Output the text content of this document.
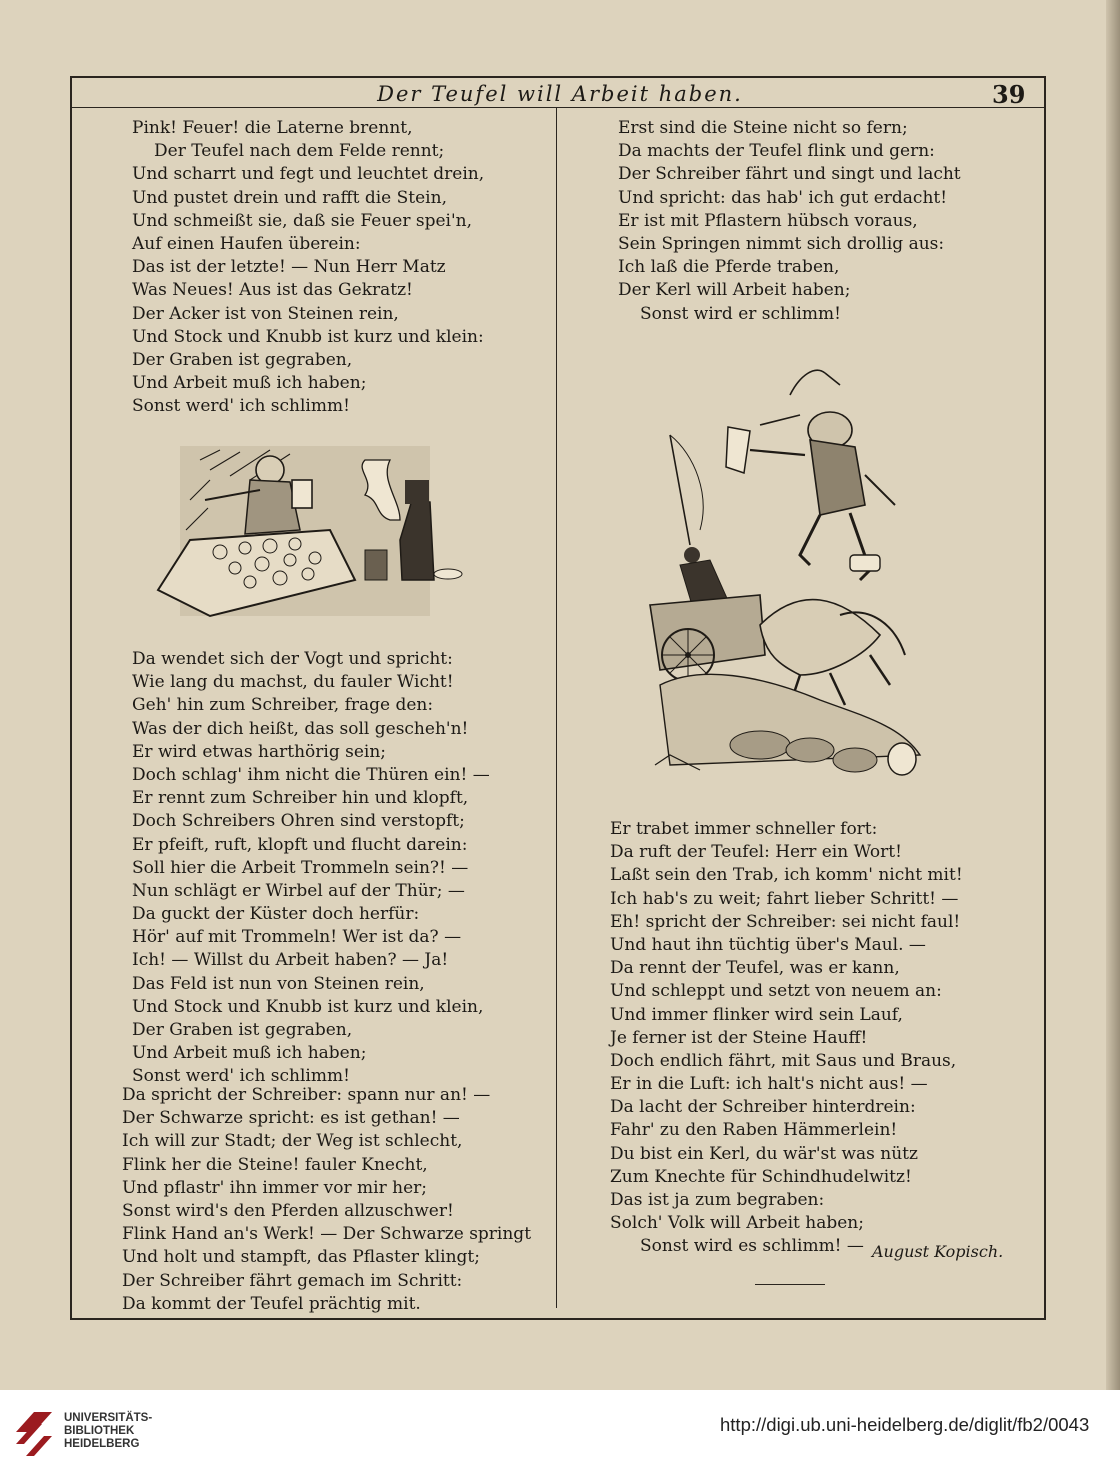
Der Teufel will Arbeit haben.	39
Pink! Feuer! die Laterne brennt,
Der Teufel nach dem Felde rennt;
Und scharrt und fegt und leuchtet drein,
Und pustet drein und rafft die Stein,
Und schmeißt sie, daß sie Feuer spei'n,
Auf einen Haufen überein:
Das ist der letzte! — Nun Herr Matz
Was Neues! Aus ist das Gekratz!
Der Acker ist von Steinen rein,
Und Stock und Knubb ist kurz und klein:
Der Graben ist gegraben,
Und Arbeit muß ich haben;
Sonst werd' ich schlimm!
Da wendet sich der Vogt und spricht:
Wie lang du machst, du fauler Wicht!
Geh' hin zum Schreiber, frage den:
Was der dich heißt, das soll gescheh'n!
Er wird etwas harthörig sein;
Doch schlag' ihm nicht die Thüren ein! —
Er rennt zum Schreiber hin und klopft,
Doch Schreibers Ohren sind verstopft;
Er pfeift, ruft, klopft und flucht darein:
Soll hier die Arbeit Trommeln sein?! —
Nun schlägt er Wirbel auf der Thür; —
Da guckt der Küster doch herfür:
Hör' auf mit Trommeln! Wer ist da? —
Ich! — Willst du Arbeit haben? — Ja!
Das Feld ist nun von Steinen rein,
Und Stock und Knubb ist kurz und klein,
Der Graben ist gegraben,
Und Arbeit muß ich haben;
Sonst werd' ich schlimm!
Da spricht der Schreiber: spann nur an! —
Der Schwarze spricht: es ist gethan! —
Ich will zur Stadt; der Weg ist schlecht,
Flink her die Steine! fauler Knecht,
Und pflastr' ihn immer vor mir her;
Sonst wird's den Pferden allzuschwer!
Flink Hand an's Werk! — Der Schwarze springt
Und holt und stampft, das Pflaster klingt;
Der Schreiber fährt gemach im Schritt:
Da kommt der Teufel prächtig mit.
Erst sind die Steine nicht so fern;
Da machts der Teufel flink und gern:
Der Schreiber fährt und singt und lacht
Und spricht: das hab' ich gut erdacht!
Er ist mit Pflastern hübsch voraus,
Sein Springen nimmt sich drollig aus:
Ich laß die Pferde traben,
Der Kerl will Arbeit haben;
Sonst wird er schlimm!
Er trabet immer schneller fort:
Da ruft der Teufel: Herr ein Wort!
Laßt sein den Trab, ich komm' nicht mit!
Ich hab's zu weit; fahrt lieber Schritt! —
Eh! spricht der Schreiber: sei nicht faul!
Und haut ihn tüchtig über's Maul. —
Da rennt der Teufel, was er kann,
Und schleppt und setzt von neuem an:
Und immer flinker wird sein Lauf,
Je ferner ist der Steine Hauff!
Doch endlich fährt, mit Saus und Braus,
Er in die Luft: ich halt's nicht aus! —
Da lacht der Schreiber hinterdrein:
Fahr' zu den Raben Hämmerlein!
Du bist ein Kerl, du wär'st was nütz
Zum Knechte für Schindhudelwitz!
Das ist ja zum begraben:
Solch' Volk will Arbeit haben;
Sonst wird es schlimm! — August Kopisch.
UNIVERSITÄTS-
BIBLIOTHEK
HEIDELBERG
http://digi.ub.uni-heidelberg.de/diglit/fb2/0043
